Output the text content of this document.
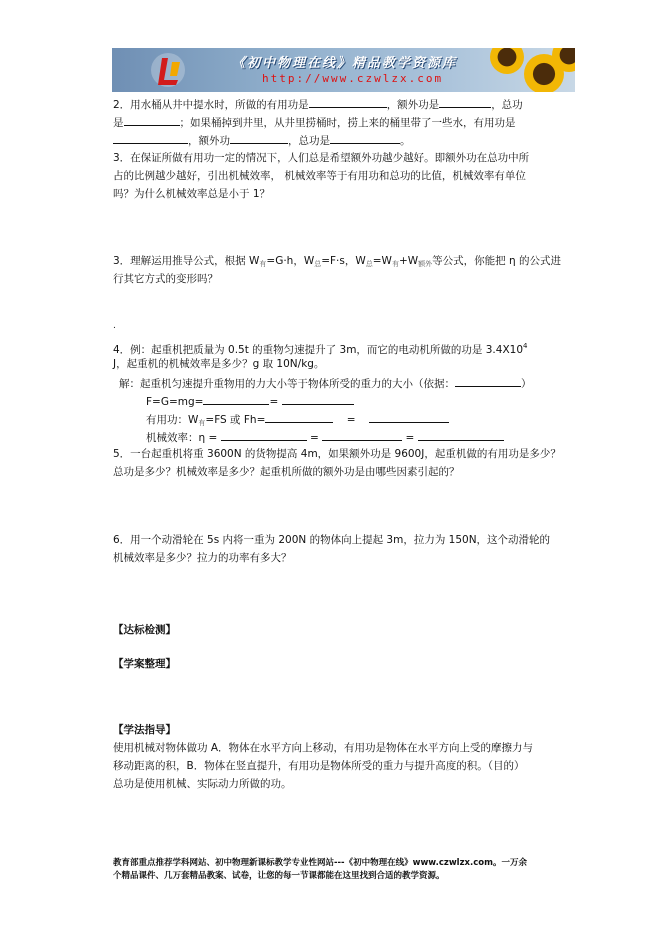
《初中物理在线》精品教学资源库
http://www.czwlzx.com
2．用水桶从井中提水时，所做的有用功是	，额外功是	，总功
是	；如果桶掉到井里，从井里捞桶时，捞上来的桶里带了一些水，有用功是
，额外功	，总功是	。
3．在保证所做有用功一定的情况下，人们总是希望额外功越少越好。即额外功在总功中所
占的比例越少越好，引出机械效率， 机械效率等于有用功和总功的比值，机械效率有单位
吗？为什么机械效率总是小于 1？
3．理解运用推导公式，根据 $W_有=G\cdot h$，$W_总=F\cdot s$，$W_总=W_有+W_{额外}$等公式，你能把 η 的公式进
行其它方式的变形吗？
.
4．例：起重机把质量为 0.5t 的重物匀速提升了 3m，而它的电动机所做的功是 $3.4X10^4$
J，起重机的机械效率是多少？g 取 10N/kg。
解：起重机匀速提升重物用的力大小等于物体所受的重力的大小（依据：	）
F=G=mg=	=
有用功：$W_有=FS$ 或 Fh=	=
机械效率：η =	=	=
5．一台起重机将重 3600N 的货物提高 4m，如果额外功是 9600J，起重机做的有用功是多少？
总功是多少？机械效率是多少？起重机所做的额外功是由哪些因素引起的？
6．用一个动滑轮在 5s 内将一重为 200N 的物体向上提起 3m，拉力为 150N，这个动滑轮的
机械效率是多少？拉力的功率有多大？
【达标检测】
【学案整理】
【学法指导】
使用机械对物体做功 A．物体在水平方向上移动，有用功是物体在水平方向上受的摩擦力与
移动距离的积，B．物体在竖直提升，有用功是物体所受的重力与提升高度的积。（目的）
总功是使用机械、实际动力所做的功。
教育部重点推荐学科网站、初中物理新课标教学专业性网站---《初中物理在线》www.czwlzx.com。一万余
个精品课件、几万套精品教案、试卷，让您的每一节课都能在这里找到合适的教学资源。
